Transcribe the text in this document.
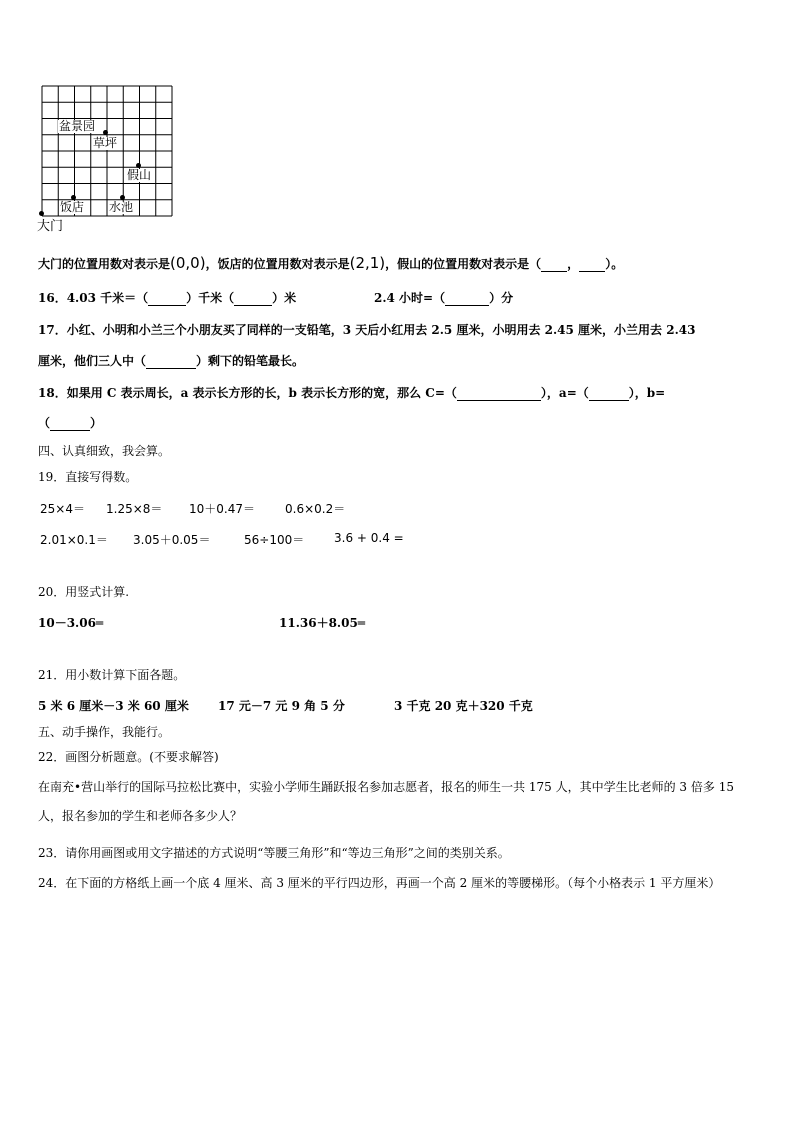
盆景园
草坪
假山
饭店 水池
大门
大门的位置用数对表示是(0,0)，饭店的位置用数对表示是(2,1)，假山的位置用数对表示是（ ， ）。
16．4.03 千米＝（	）千米（	）米	2.4 小时=（	）分
17．小红、小明和小兰三个小朋友买了同样的一支铅笔，3 天后小红用去 2.5 厘米，小明用去 2.45 厘米，小兰用去 2.43
厘米，他们三人中（	）剩下的铅笔最长。
18．如果用 C 表示周长，a 表示长方形的长，b 表示长方形的宽，那么 C=（	），a=（	），b=
（	）
四、认真细致，我会算。
19．直接写得数。
25×4＝ 1.25×8＝ 10＋0.47＝	0.6×0.2＝
2.01×0.1＝ 3.05＋0.05＝	56÷100＝ 3.6 + 0.4 =
20．用竖式计算.
10－3.06═	11.36＋8.05═
21．用小数计算下面各题。
5 米 6 厘米－3 米 60 厘米 17 元－7 元 9 角 5 分	3 千克 20 克＋320 千克
五、动手操作，我能行。
22．画图分析题意。(不要求解答)
在南充•营山举行的国际马拉松比赛中，实验小学师生踊跃报名参加志愿者，报名的师生一共 175 人，其中学生比老师的 3 倍多 15 人，报名参加的学生和老师各多少人？
23．请你用画图或用文字描述的方式说明“等腰三角形”和“等边三角形”之间的类别关系。
24．在下面的方格纸上画一个底 4 厘米、高 3 厘米的平行四边形，再画一个高 2 厘米的等腰梯形。（每个小格表示 1 平方厘米）
